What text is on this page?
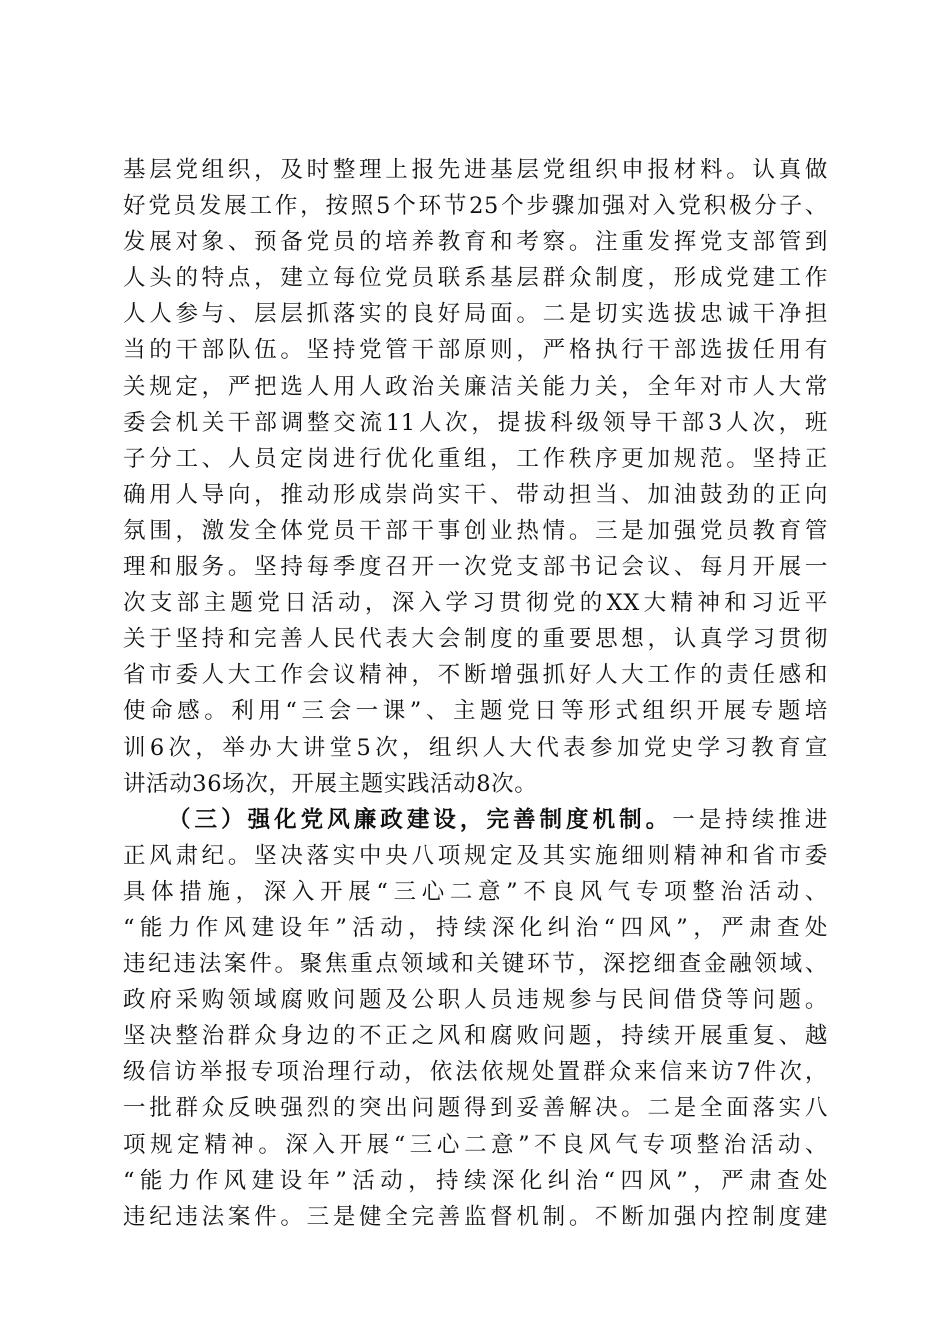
基层党组织，及时整理上报先进基层党组织申报材料。认真做
好党员发展工作，按照5个环节25个步骤加强对入党积极分子、
发展对象、预备党员的培养教育和考察。注重发挥党支部管到
人头的特点，建立每位党员联系基层群众制度，形成党建工作
人人参与、层层抓落实的良好局面。二是切实选拔忠诚干净担
当的干部队伍。坚持党管干部原则，严格执行干部选拔任用有
关规定，严把选人用人政治关廉洁关能力关，全年对市人大常
委会机关干部调整交流11人次，提拔科级领导干部3人次，班
子分工、人员定岗进行优化重组，工作秩序更加规范。坚持正
确用人导向，推动形成崇尚实干、带动担当、加油鼓劲的正向
氛围，激发全体党员干部干事创业热情。三是加强党员教育管
理和服务。坚持每季度召开一次党支部书记会议、每月开展一
次支部主题党日活动，深入学习贯彻党的XX大精神和习近平
关于坚持和完善人民代表大会制度的重要思想，认真学习贯彻
省市委人大工作会议精神，不断增强抓好人大工作的责任感和
使命感。利用“三会一课”、主题党日等形式组织开展专题培
训6次，举办大讲堂5次，组织人大代表参加党史学习教育宣
讲活动36场次，开展主题实践活动8次。
（三）强化党风廉政建设，完善制度机制。一是持续推进
正风肃纪。坚决落实中央八项规定及其实施细则精神和省市委
具体措施，深入开展“三心二意”不良风气专项整治活动、
“能力作风建设年”活动，持续深化纠治“四风”，严肃查处
违纪违法案件。聚焦重点领域和关键环节，深挖细查金融领域、
政府采购领域腐败问题及公职人员违规参与民间借贷等问题。
坚决整治群众身边的不正之风和腐败问题，持续开展重复、越
级信访举报专项治理行动，依法依规处置群众来信来访7件次，
一批群众反映强烈的突出问题得到妥善解决。二是全面落实八
项规定精神。深入开展“三心二意”不良风气专项整治活动、
“能力作风建设年”活动，持续深化纠治“四风”，严肃查处
违纪违法案件。三是健全完善监督机制。不断加强内控制度建
